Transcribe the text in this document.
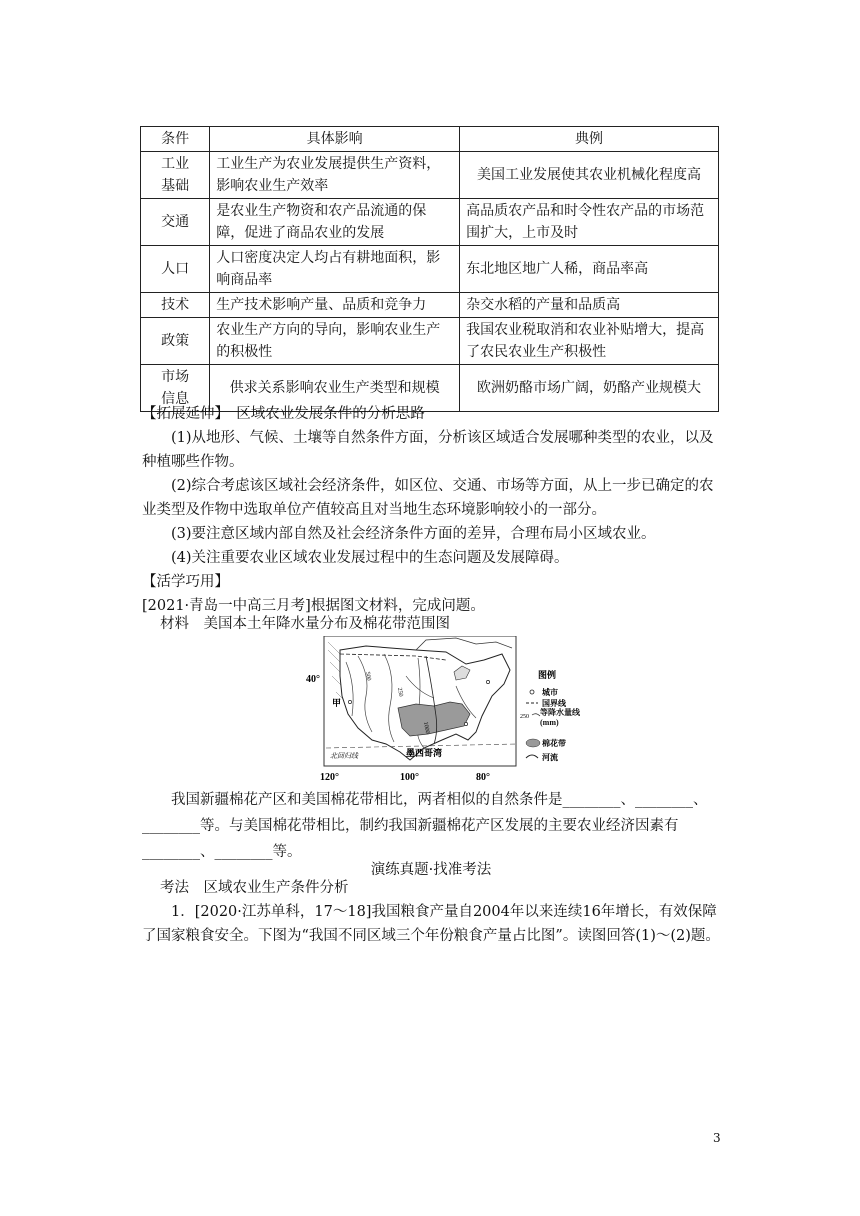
条件	具体影响	典例
工业
基础	工业生产为农业发展提供生产资料，影响农业生产效率	美国工业发展使其农业机械化程度高
交通	是农业生产物资和农产品流通的保障，促进了商品农业的发展	高品质农产品和时令性农产品的市场范围扩大，上市及时
人口	人口密度决定人均占有耕地面积，影响商品率	东北地区地广人稀，商品率高
技术	生产技术影响产量、品质和竞争力	杂交水稻的产量和品质高
政策	农业生产方向的导向，影响农业生产的积极性	我国农业税取消和农业补贴增大，提高了农民农业生产积极性
市场
信息	供求关系影响农业生产类型和规模	欧洲奶酪市场广阔，奶酪产业规模大
【拓展延伸】　区域农业发展条件的分析思路
(1)从地形、气候、土壤等自然条件方面，分析该区域适合发展哪种类型的农业，以及种植哪些作物。
(2)综合考虑该区域社会经济条件，如区位、交通、市场等方面，从上一步已确定的农业类型及作物中选取单位产值较高且对当地生态环境影响较小的一部分。
(3)要注意区域内部自然及社会经济条件方面的差异，合理布局小区域农业。
(4)关注重要农业区域农业发展过程中的生态问题及发展障碍。
【活学巧用】
[2021·青岛一中高三月考]根据图文材料，完成问题。
材料　美国本土年降水量分布及棉花带范围图
40°
甲
墨西哥湾
北回归线
500
250
1000
120°	100°	80°
图例
城市
国界线
250 等降水量线 (mm)
棉花带
河流
我国新疆棉花产区和美国棉花带相比，两者相似的自然条件是________、________、________等。与美国棉花带相比，制约我国新疆棉花产区发展的主要农业经济因素有________、________等。
演练真题·找准考法
考法　区域农业生产条件分析
1．[2020·江苏单科，17～18]我国粮食产量自2004年以来连续16年增长，有效保障了国家粮食安全。下图为“我国不同区域三个年份粮食产量占比图”。读图回答(1)～(2)题。
3
